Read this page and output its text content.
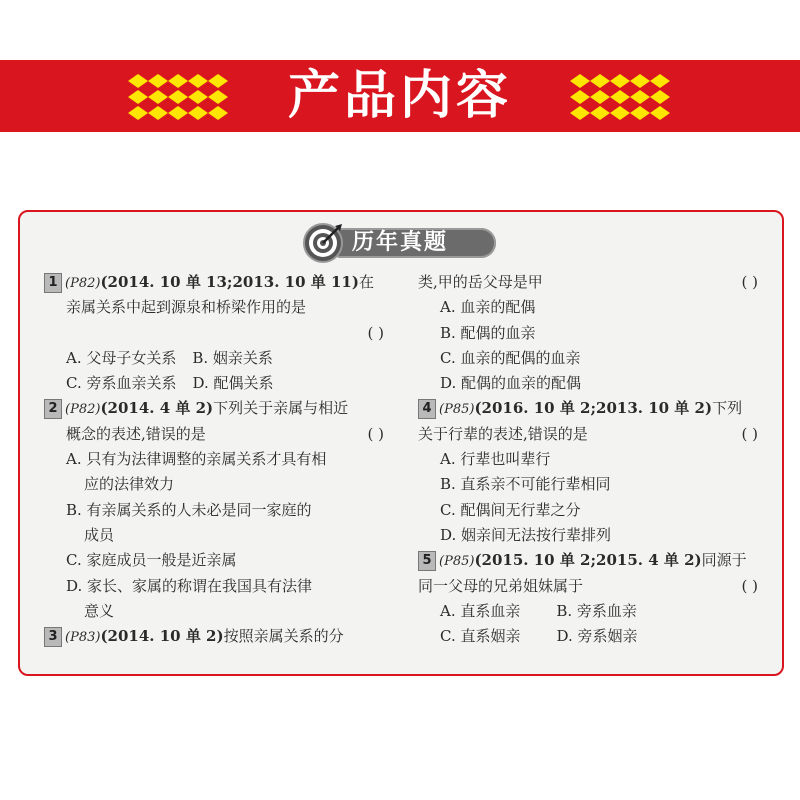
产品内容
历年真题
1 (P82)(2014. 10 单 13;2013. 10 单 11)在
亲属关系中起到源泉和桥梁作用的是
( )
A. 父母子女关系 B. 姻亲关系
C. 旁系血亲关系 D. 配偶关系
2 (P82)(2014. 4 单 2)下列关于亲属与相近
概念的表述,错误的是	( )
A. 只有为法律调整的亲属关系才具有相
应的法律效力
B. 有亲属关系的人未必是同一家庭的
成员
C. 家庭成员一般是近亲属
D. 家长、家属的称谓在我国具有法律
意义
3 (P83)(2014. 10 单 2)按照亲属关系的分
类,甲的岳父母是甲	( )
A. 血亲的配偶
B. 配偶的血亲
C. 血亲的配偶的血亲
D. 配偶的血亲的配偶
4 (P85)(2016. 10 单 2;2013. 10 单 2)下列
关于行辈的表述,错误的是	( )
A. 行辈也叫辈行
B. 直系亲不可能行辈相同
C. 配偶间无行辈之分
D. 姻亲间无法按行辈排列
5 (P85)(2015. 10 单 2;2015. 4 单 2)同源于
同一父母的兄弟姐妹属于	( )
A. 直系血亲 B. 旁系血亲
C. 直系姻亲 D. 旁系姻亲
